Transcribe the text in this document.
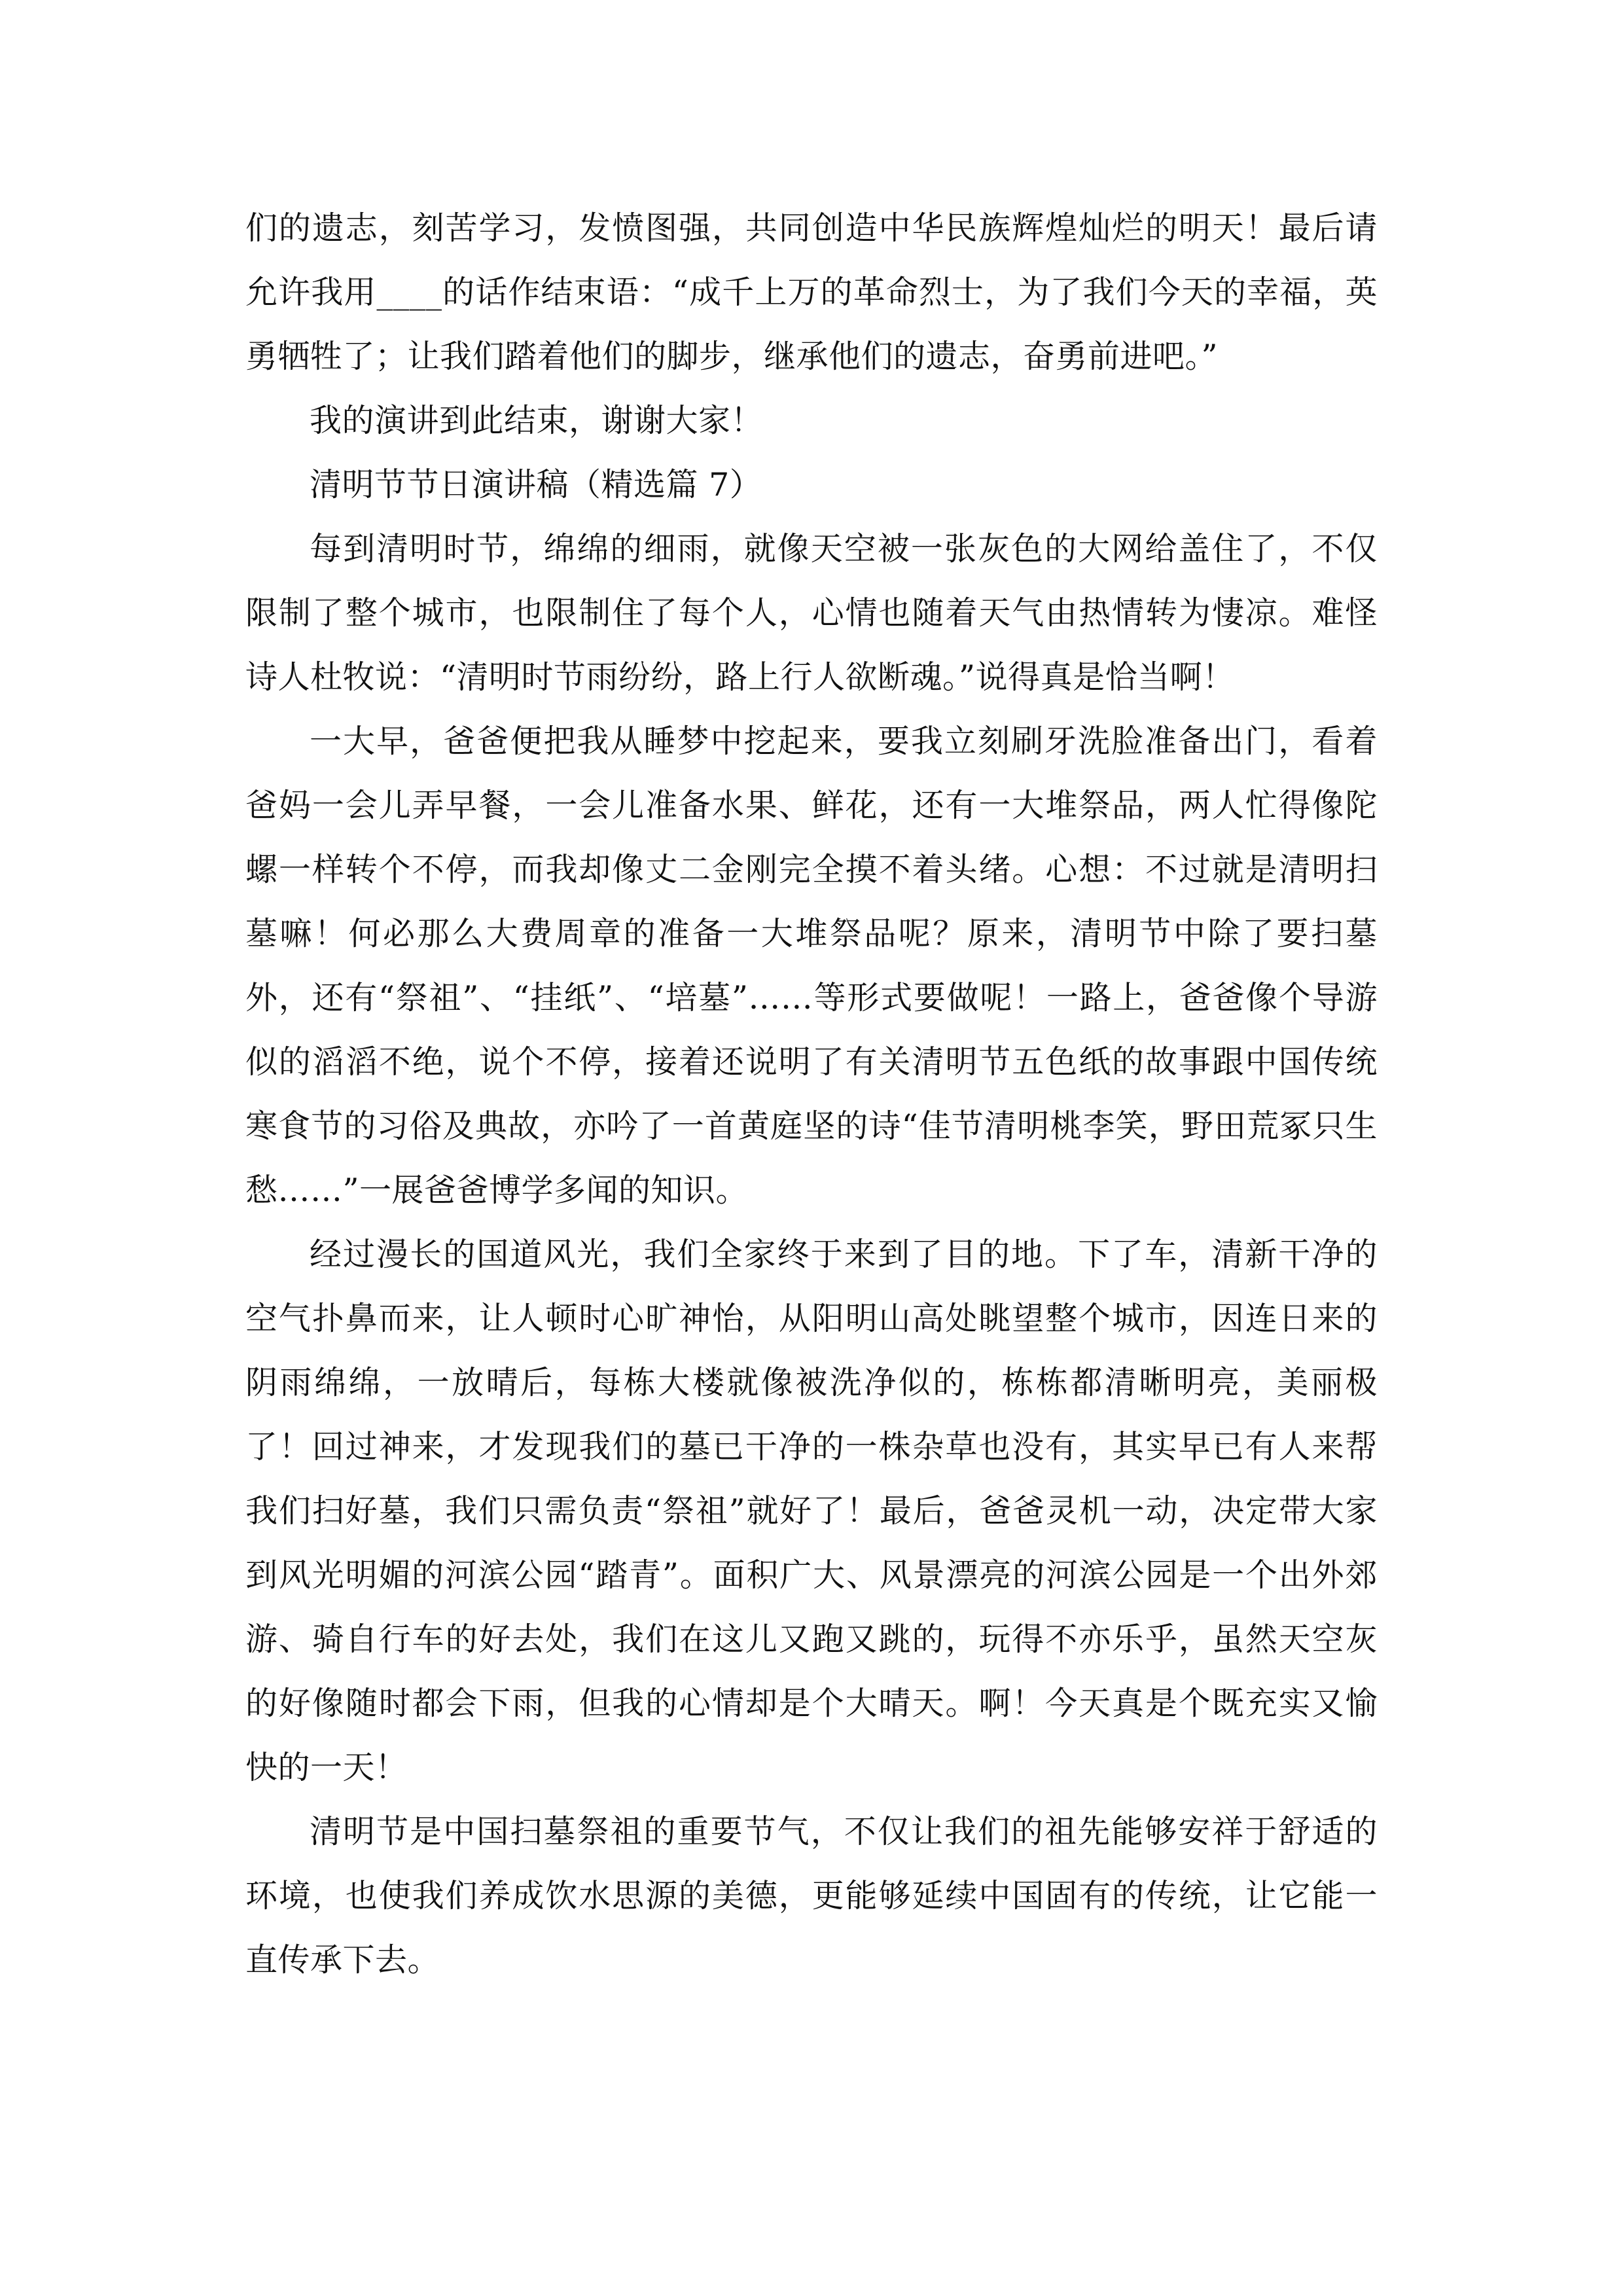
们的遗志，刻苦学习，发愤图强，共同创造中华民族辉煌灿烂的明天！最后请允许我用____的话作结束语：“成千上万的革命烈士，为了我们今天的幸福，英勇牺牲了；让我们踏着他们的脚步，继承他们的遗志，奋勇前进吧。”

我的演讲到此结束，谢谢大家！

清明节节日演讲稿（精选篇 7）

每到清明时节，绵绵的细雨，就像天空被一张灰色的大网给盖住了，不仅限制了整个城市，也限制住了每个人，心情也随着天气由热情转为悽凉。难怪诗人杜牧说：“清明时节雨纷纷，路上行人欲断魂。”说得真是恰当啊！

一大早，爸爸便把我从睡梦中挖起来，要我立刻刷牙洗脸准备出门，看着爸妈一会儿弄早餐，一会儿准备水果、鲜花，还有一大堆祭品，两人忙得像陀螺一样转个不停，而我却像丈二金刚完全摸不着头绪。心想：不过就是清明扫墓嘛！何必那么大费周章的准备一大堆祭品呢？原来，清明节中除了要扫墓外，还有“祭祖”、“挂纸”、“培墓”……等形式要做呢！一路上，爸爸像个导游似的滔滔不绝，说个不停，接着还说明了有关清明节五色纸的故事跟中国传统寒食节的习俗及典故，亦吟了一首黄庭坚的诗“佳节清明桃李笑，野田荒冢只生愁……”一展爸爸博学多闻的知识。

经过漫长的国道风光，我们全家终于来到了目的地。下了车，清新干净的空气扑鼻而来，让人顿时心旷神怡，从阳明山高处眺望整个城市，因连日来的阴雨绵绵，一放晴后，每栋大楼就像被洗净似的，栋栋都清晰明亮，美丽极了！回过神来，才发现我们的墓已干净的一株杂草也没有，其实早已有人来帮我们扫好墓，我们只需负责“祭祖”就好了！最后，爸爸灵机一动，决定带大家到风光明媚的河滨公园“踏青”。面积广大、风景漂亮的河滨公园是一个出外郊游、骑自行车的好去处，我们在这儿又跑又跳的，玩得不亦乐乎，虽然天空灰的好像随时都会下雨，但我的心情却是个大晴天。啊！今天真是个既充实又愉快的一天！

清明节是中国扫墓祭祖的重要节气，不仅让我们的祖先能够安祥于舒适的环境，也使我们养成饮水思源的美德，更能够延续中国固有的传统，让它能一直传承下去。
